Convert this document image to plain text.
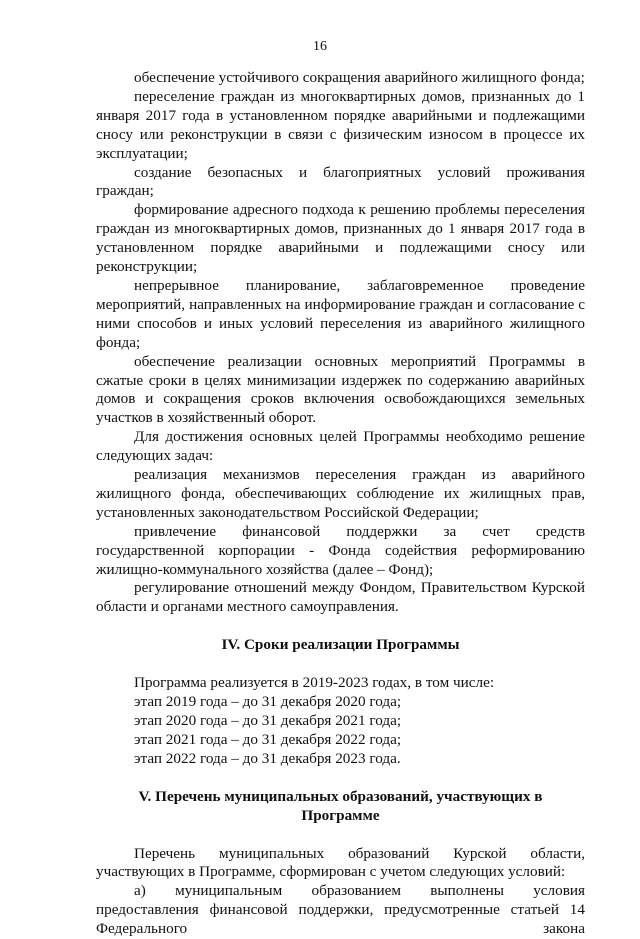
16

обеспечение устойчивого сокращения аварийного жилищного фонда;

переселение граждан из многоквартирных домов, признанных до 1 января 2017 года в установленном порядке аварийными и подлежащими сносу или реконструкции в связи с физическим износом в процессе их эксплуатации;

создание безопасных и благоприятных условий проживания граждан;

формирование адресного подхода к решению проблемы переселения граждан из многоквартирных домов, признанных до 1 января 2017 года в установленном порядке аварийными и подлежащими сносу или реконструкции;

непрерывное планирование, заблаговременное проведение мероприятий, направленных на информирование граждан и согласование с ними способов и иных условий переселения из аварийного жилищного фонда;

обеспечение реализации основных мероприятий Программы в сжатые сроки в целях минимизации издержек по содержанию аварийных домов и сокращения сроков включения освобождающихся земельных участков в хозяйственный оборот.

Для достижения основных целей Программы необходимо решение следующих задач:

реализация механизмов переселения граждан из аварийного жилищного фонда, обеспечивающих соблюдение их жилищных прав, установленных законодательством Российской Федерации;

привлечение финансовой поддержки за счет средств государственной корпорации - Фонда содействия реформированию жилищно-коммунального хозяйства (далее – Фонд);

регулирование отношений между Фондом, Правительством Курской области и органами местного самоуправления.

IV. Сроки реализации Программы

Программа реализуется в 2019-2023 годах, в том числе:
этап 2019 года – до 31 декабря 2020 года;
этап 2020 года – до 31 декабря 2021 года;
этап 2021 года – до 31 декабря 2022 года;
этап 2022 года – до 31 декабря 2023 года.

V. Перечень муниципальных образований, участвующих в

Программе

Перечень муниципальных образований Курской области, участвующих в Программе, сформирован с учетом следующих условий:

а) муниципальным образованием выполнены условия предоставления финансовой поддержки, предусмотренные статьей 14 Федерального закона
